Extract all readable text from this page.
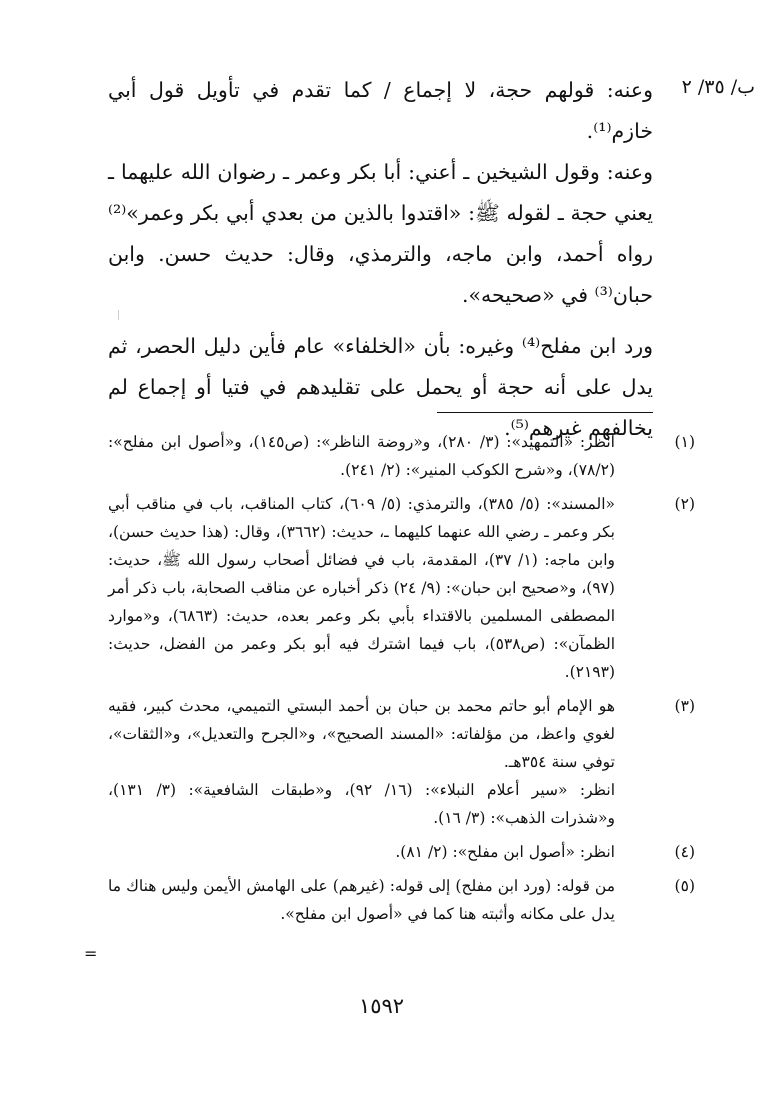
ب/ ٣٥/ ٢

وعنه: قولهم حجة، لا إجماع / كما تقدم في تأويل قول أبي خازم⁽¹⁾.

وعنه: وقول الشيخين ـ أعني: أبا بكر وعمر ـ رضوان الله عليهما ـ يعني حجة ـ لقوله ﷺ: «اقتدوا بالذين من بعدي أبي بكر وعمر»⁽²⁾ رواه أحمد، وابن ماجه، والترمذي، وقال: حديث حسن. وابن حبان⁽³⁾ في «صحيحه».

ورد ابن مفلح⁽⁴⁾ وغيره: بأن «الخلفاء» عام فأين دليل الحصر، ثم يدل على أنه حجة أو يحمل على تقليدهم في فتيا أو إجماع لم يخالفهم غيرهم⁽⁵⁾.

(١)

انظر: «التمهيد»: (٣/ ٢٨٠)، و«روضة الناظر»: (ص١٤٥)، و«أصول ابن مفلح»: (٧٨/٢)، و«شرح الكوكب المنير»: (٢/ ٢٤١).

(٢)

«المسند»: (٥/ ٣٨٥)، والترمذي: (٥/ ٦٠٩)، كتاب المناقب، باب في مناقب أبي بكر وعمر ـ رضي الله عنهما كليهما ـ، حديث: (٣٦٦٢)، وقال: (هذا حديث حسن)، وابن ماجه: (١/ ٣٧)، المقدمة، باب في فضائل أصحاب رسول الله ﷺ، حديث: (٩٧)، و«صحيح ابن حبان»: (٩/ ٢٤) ذكر أخباره عن مناقب الصحابة، باب ذكر أمر المصطفى المسلمين بالاقتداء بأبي بكر وعمر بعده، حديث: (٦٨٦٣)، و«موارد الظمآن»: (ص٥٣٨)، باب فيما اشترك فيه أبو بكر وعمر من الفضل، حديث: (٢١٩٣).

(٣)

هو الإمام أبو حاتم محمد بن حبان بن أحمد البستي التميمي، محدث كبير، فقيه لغوي واعظ، من مؤلفاته: «المسند الصحيح»، و«الجرح والتعديل»، و«الثقات»، توفي سنة ٣٥٤هـ.

انظر: «سير أعلام النبلاء»: (١٦/ ٩٢)، و«طبقات الشافعية»: (٣/ ١٣١)، و«شذرات الذهب»: (٣/ ١٦).

(٤)

انظر: «أصول ابن مفلح»: (٢/ ٨١).

(٥)

من قوله: (ورد ابن مفلح) إلى قوله: (غيرهم) على الهامش الأيمن وليس هناك ما يدل على مكانه وأثبته هنا كما في «أصول ابن مفلح».

=
١٥٩٢
